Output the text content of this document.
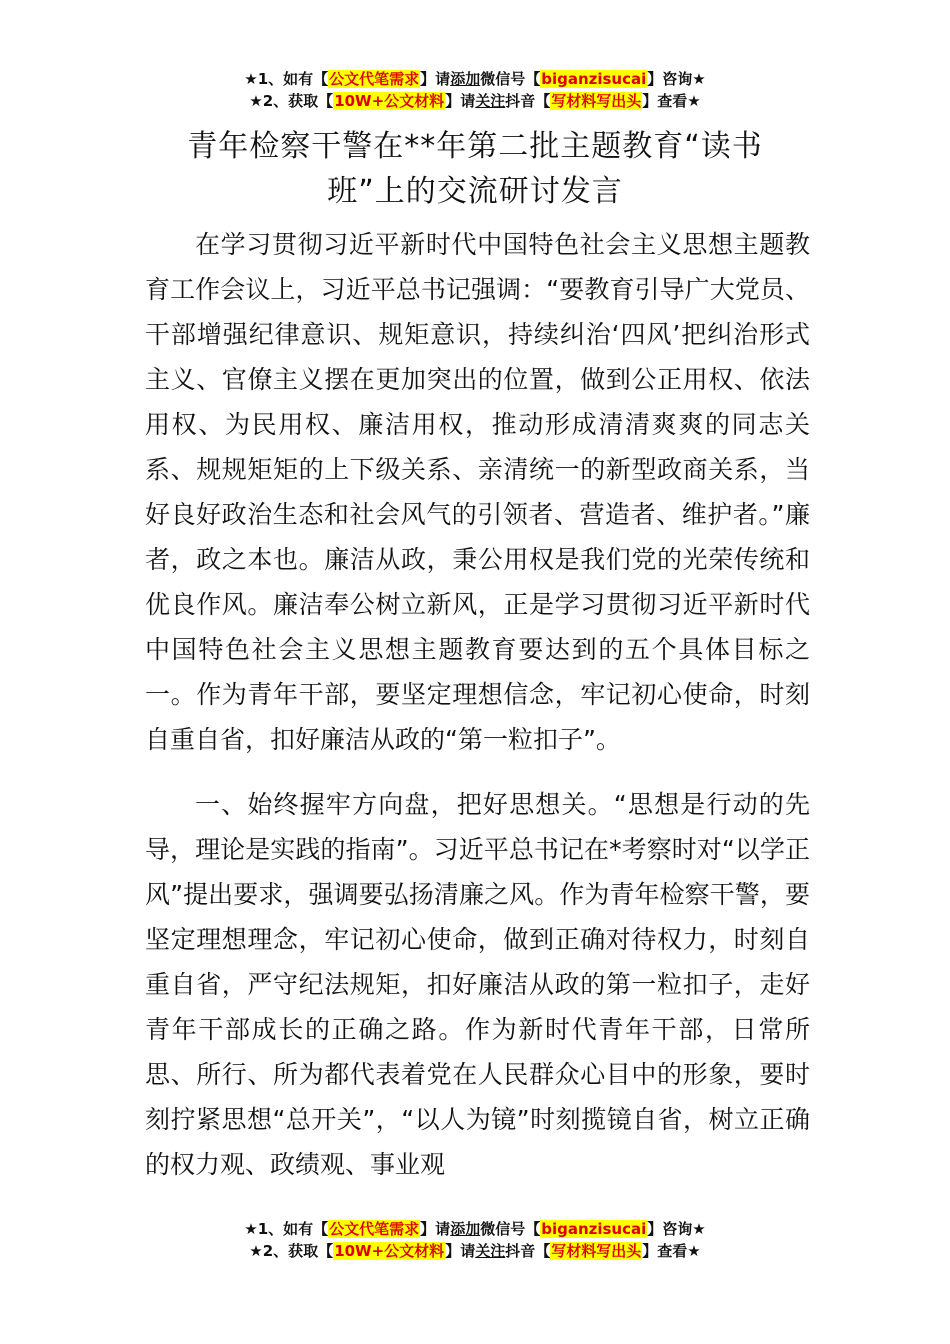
★1、如有【公文代笔需求】请添加微信号【biganzisucai】咨询★
★2、获取【10W+公文材料】请关注抖音【写材料写出头】查看★
青年检察干警在**年第二批主题教育“读书
班”上的交流研讨发言

在学习贯彻习近平新时代中国特色社会主义思想主题教育工作会议上，习近平总书记强调：“要教育引导广大党员、干部增强纪律意识、规矩意识，持续纠治‘四风’把纠治形式主义、官僚主义摆在更加突出的位置，做到公正用权、依法用权、为民用权、廉洁用权，推动形成清清爽爽的同志关系、规规矩矩的上下级关系、亲清统一的新型政商关系，当好良好政治生态和社会风气的引领者、营造者、维护者。”廉者，政之本也。廉洁从政，秉公用权是我们党的光荣传统和优良作风。廉洁奉公树立新风，正是学习贯彻习近平新时代中国特色社会主义思想主题教育要达到的五个具体目标之一。作为青年干部，要坚定理想信念，牢记初心使命，时刻自重自省，扣好廉洁从政的“第一粒扣子”。

一、始终握牢方向盘，把好思想关。“思想是行动的先导，理论是实践的指南”。习近平总书记在*考察时对“以学正风”提出要求，强调要弘扬清廉之风。作为青年检察干警，要坚定理想理念，牢记初心使命，做到正确对待权力，时刻自重自省，严守纪法规矩，扣好廉洁从政的第一粒扣子，走好青年干部成长的正确之路。作为新时代青年干部，日常所思、所行、所为都代表着党在人民群众心目中的形象，要时刻拧紧思想“总开关”，“以人为镜”时刻揽镜自省，树立正确的权力观、政绩观、事业观

★1、如有【公文代笔需求】请添加微信号【biganzisucai】咨询★
★2、获取【10W+公文材料】请关注抖音【写材料写出头】查看★
